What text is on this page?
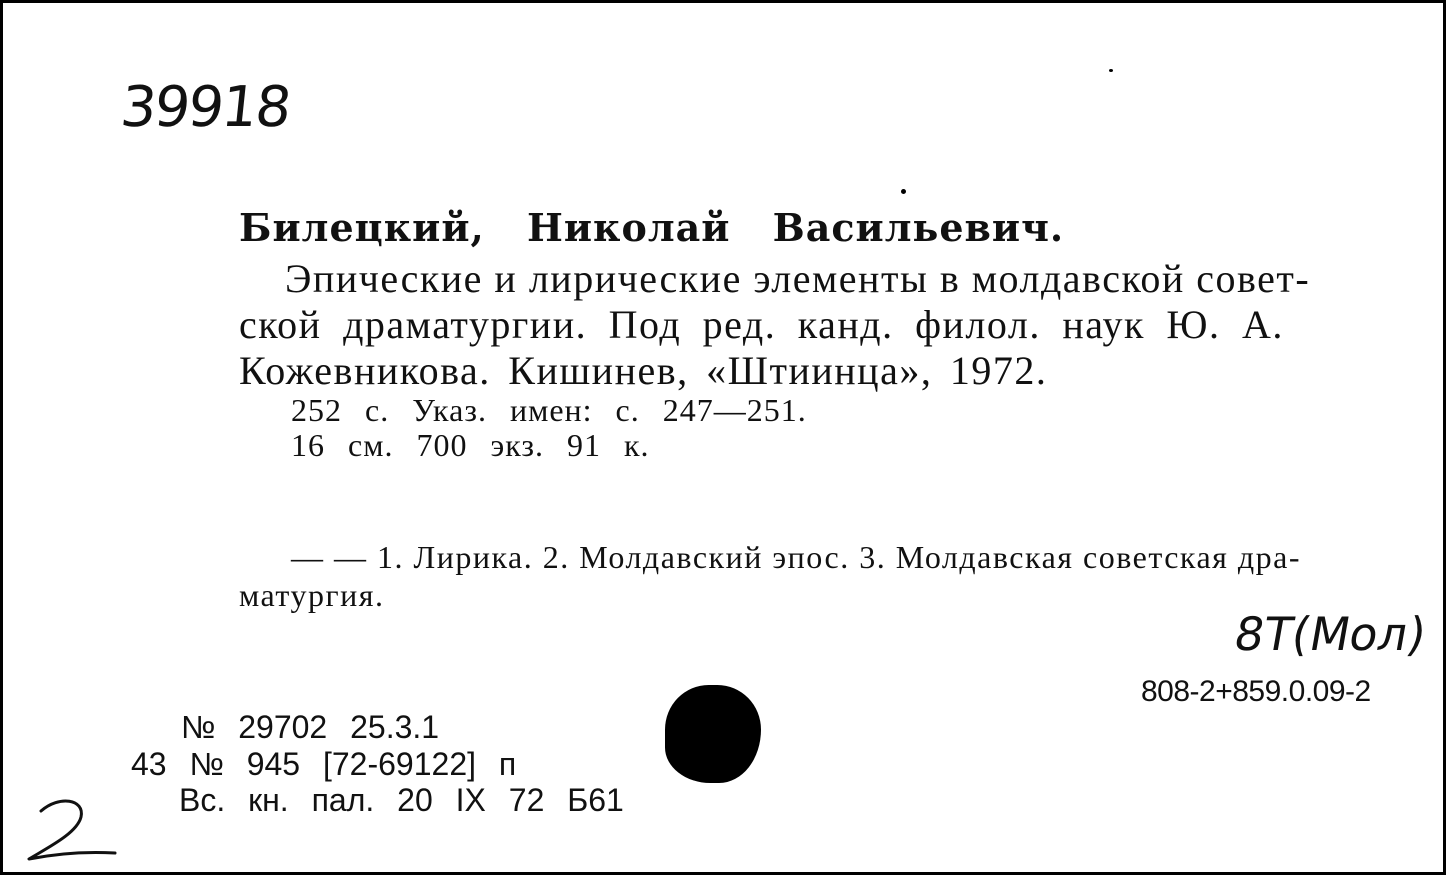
39918
Билецкий, Николай Васильевич.
Эпические и лирические элементы в молдавской совет-
ской драматургии. Под ред. канд. филол. наук Ю. А.
Кожевникова. Кишинев, «Штиинца», 1972.
252 с. Указ. имен: с. 247—251.
16 см. 700 экз. 91 к.
— — 1. Лирика. 2. Молдавский эпос. 3. Молдавская советская дра-
матургия.
8Т(Мол)
808-2+859.0.09-2
№ 29702 25.3.1
43 № 945 [72-69122] п
Вс. кн. пал. 20 IX 72 Б61
